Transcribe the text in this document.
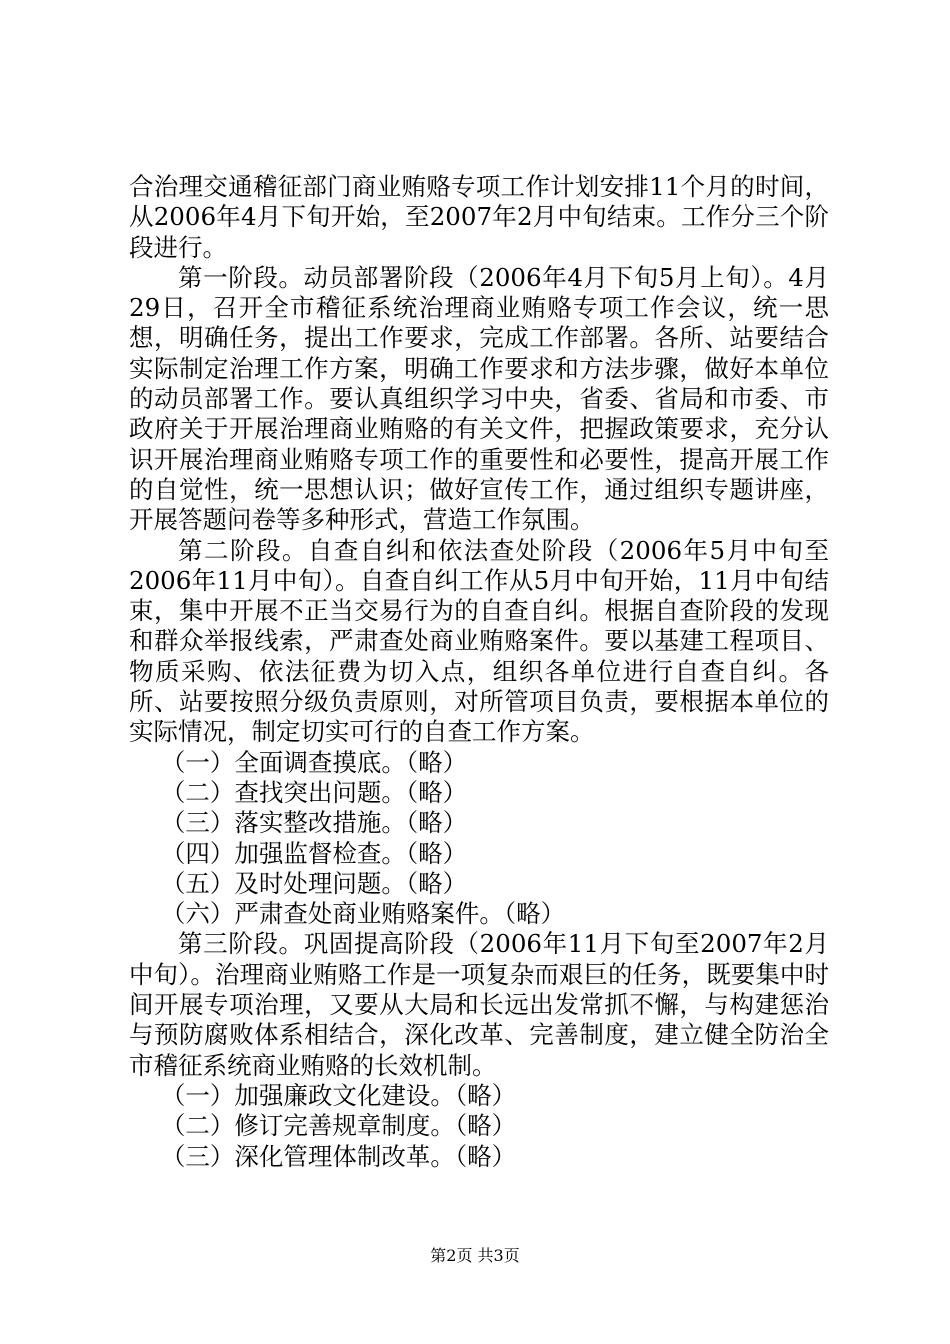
合治理交通稽征部门商业贿赂专项工作计划安排11个月的时间，从2006年4月下旬开始，至2007年2月中旬结束。工作分三个阶段进行。

第一阶段。动员部署阶段（2006年4月下旬5月上旬）。4月29日，召开全市稽征系统治理商业贿赂专项工作会议，统一思想，明确任务，提出工作要求，完成工作部署。各所、站要结合实际制定治理工作方案，明确工作要求和方法步骤，做好本单位的动员部署工作。要认真组织学习中央，省委、省局和市委、市政府关于开展治理商业贿赂的有关文件，把握政策要求，充分认识开展治理商业贿赂专项工作的重要性和必要性，提高开展工作的自觉性，统一思想认识；做好宣传工作，通过组织专题讲座，开展答题问卷等多种形式，营造工作氛围。

第二阶段。自查自纠和依法查处阶段（2006年5月中旬至2006年11月中旬）。自查自纠工作从5月中旬开始，11月中旬结束，集中开展不正当交易行为的自查自纠。根据自查阶段的发现和群众举报线索，严肃查处商业贿赂案件。要以基建工程项目、物质采购、依法征费为切入点，组织各单位进行自查自纠。各所、站要按照分级负责原则，对所管项目负责，要根据本单位的实际情况，制定切实可行的自查工作方案。

（一）全面调查摸底。（略）

（二）查找突出问题。（略）

（三）落实整改措施。（略）

（四）加强监督检查。（略）

（五）及时处理问题。（略）

（六）严肃查处商业贿赂案件。（略）

第三阶段。巩固提高阶段（2006年11月下旬至2007年2月中旬）。治理商业贿赂工作是一项复杂而艰巨的任务，既要集中时间开展专项治理，又要从大局和长远出发常抓不懈，与构建惩治与预防腐败体系相结合，深化改革、完善制度，建立健全防治全市稽征系统商业贿赂的长效机制。

（一）加强廉政文化建设。（略）

（二）修订完善规章制度。（略）

（三）深化管理体制改革。（略）

第2页 共3页
